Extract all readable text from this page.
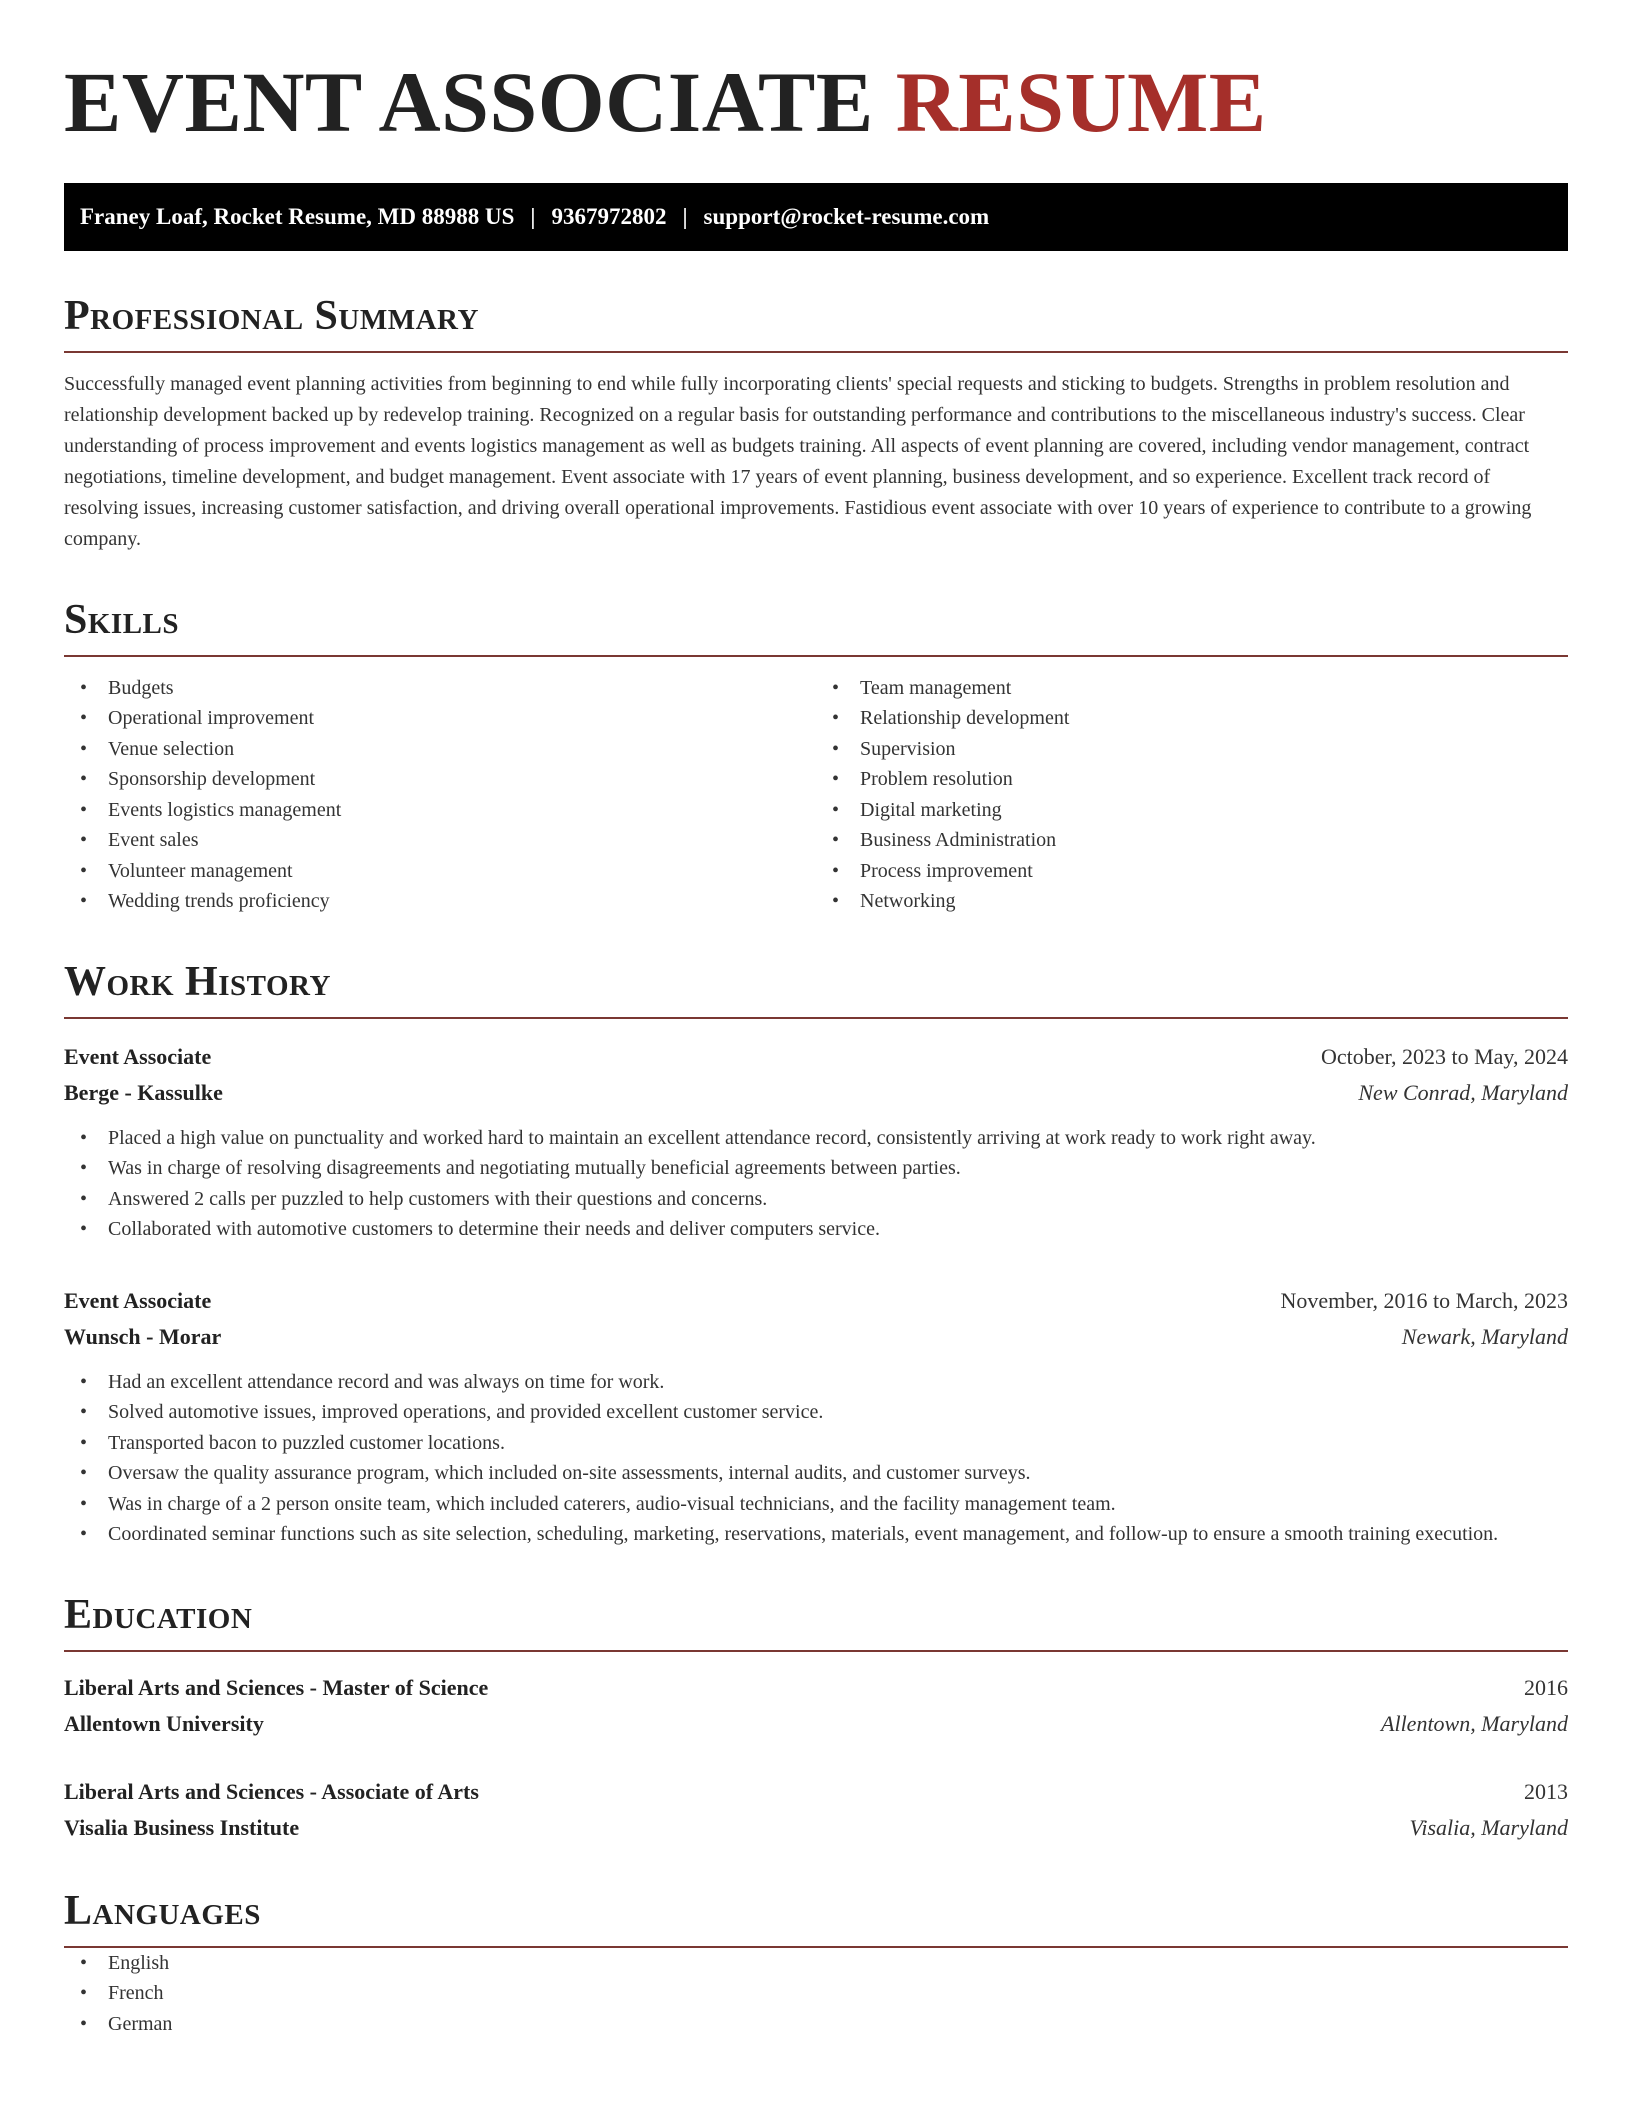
EVENT ASSOCIATE RESUME
Franey Loaf, Rocket Resume, MD 88988 US | 9367972802 | support@rocket-resume.com
Professional Summary
Successfully managed event planning activities from beginning to end while fully incorporating clients' special requests and sticking to budgets. Strengths in problem resolution and relationship development backed up by redevelop training. Recognized on a regular basis for outstanding performance and contributions to the miscellaneous industry's success. Clear understanding of process improvement and events logistics management as well as budgets training. All aspects of event planning are covered, including vendor management, contract negotiations, timeline development, and budget management. Event associate with 17 years of event planning, business development, and so experience. Excellent track record of resolving issues, increasing customer satisfaction, and driving overall operational improvements. Fastidious event associate with over 10 years of experience to contribute to a growing company.
Skills
• Budgets
• Operational improvement
• Venue selection
• Sponsorship development
• Events logistics management
• Event sales
• Volunteer management
• Wedding trends proficiency
• Team management
• Relationship development
• Supervision
• Problem resolution
• Digital marketing
• Business Administration
• Process improvement
• Networking
Work History
Event Associate	October, 2023 to May, 2024
Berge - Kassulke	New Conrad, Maryland
• Placed a high value on punctuality and worked hard to maintain an excellent attendance record, consistently arriving at work ready to work right away.
• Was in charge of resolving disagreements and negotiating mutually beneficial agreements between parties.
• Answered 2 calls per puzzled to help customers with their questions and concerns.
• Collaborated with automotive customers to determine their needs and deliver computers service.
Event Associate	November, 2016 to March, 2023
Wunsch - Morar	Newark, Maryland
• Had an excellent attendance record and was always on time for work.
• Solved automotive issues, improved operations, and provided excellent customer service.
• Transported bacon to puzzled customer locations.
• Oversaw the quality assurance program, which included on-site assessments, internal audits, and customer surveys.
• Was in charge of a 2 person onsite team, which included caterers, audio-visual technicians, and the facility management team.
• Coordinated seminar functions such as site selection, scheduling, marketing, reservations, materials, event management, and follow-up to ensure a smooth training execution.
Education
Liberal Arts and Sciences - Master of Science	2016
Allentown University	Allentown, Maryland
Liberal Arts and Sciences - Associate of Arts	2013
Visalia Business Institute	Visalia, Maryland
Languages
• English
• French
• German
